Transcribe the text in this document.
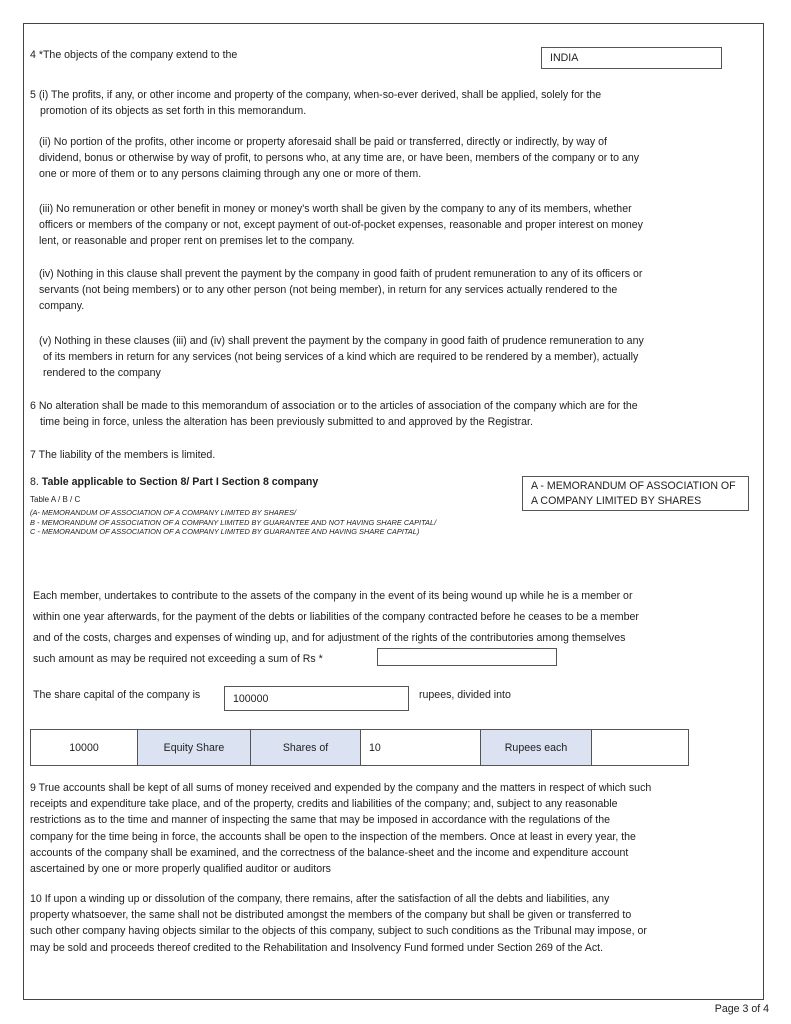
4 *The objects of the company extend to the	INDIA
5 (i) The profits, if any, or other income and property of the company, when-so-ever derived, shall be applied, solely for the
promotion of its objects as set forth in this memorandum.
(ii) No portion of the profits, other income or property aforesaid shall be paid or transferred, directly or indirectly, by way of
dividend, bonus or otherwise by way of profit, to persons who, at any time are, or have been, members of the company or to any
one or more of them or to any persons claiming through any one or more of them.
(iii) No remuneration or other benefit in money or money's worth shall be given by the company to any of its members, whether
officers or members of the company or not, except payment of out-of-pocket expenses, reasonable and proper interest on money
lent, or reasonable and proper rent on premises let to the company.
(iv) Nothing in this clause shall prevent the payment by the company in good faith of prudent remuneration to any of its officers or
servants (not being members) or to any other person (not being member), in return for any services actually rendered to the
company.
(v) Nothing in these clauses (iii) and (iv) shall prevent the payment by the company in good faith of prudence remuneration to any
of its members in return for any services (not being services of a kind which are required to be rendered by a member), actually
rendered to the company
6 No alteration shall be made to this memorandum of association or to the articles of association of the company which are for the
time being in force, unless the alteration has been previously submitted to and approved by the Registrar.
7 The liability of the members is limited.
8. Table applicable to Section 8/ Part I Section 8 company	A - MEMORANDUM OF ASSOCIATION OF
A COMPANY LIMITED BY SHARES
Table A / B / C
(A- MEMORANDUM OF ASSOCIATION OF A COMPANY LIMITED BY SHARES/
B - MEMORANDUM OF ASSOCIATION OF A COMPANY LIMITED BY GUARANTEE AND NOT HAVING SHARE CAPITAL/
C - MEMORANDUM OF ASSOCIATION OF A COMPANY LIMITED BY GUARANTEE AND HAVING SHARE CAPITAL)
Each member, undertakes to contribute to the assets of the company in the event of its being wound up while he is a member or
within one year afterwards, for the payment of the debts or liabilities of the company contracted before he ceases to be a member
and of the costs, charges and expenses of winding up, and for adjustment of the rights of the contributories among themselves
such amount as may be required not exceeding a sum of Rs *
The share capital of the company is	100000	rupees, divided into
10000	Equity Share	Shares of	10	Rupees each	
9 True accounts shall be kept of all sums of money received and expended by the company and the matters in respect of which such
receipts and expenditure take place, and of the property, credits and liabilities of the company; and, subject to any reasonable
restrictions as to the time and manner of inspecting the same that may be imposed in accordance with the regulations of the
company for the time being in force, the accounts shall be open to the inspection of the members. Once at least in every year, the
accounts of the company shall be examined, and the correctness of the balance-sheet and the income and expenditure account
ascertained by one or more properly qualified auditor or auditors
10 If upon a winding up or dissolution of the company, there remains, after the satisfaction of all the debts and liabilities, any
property whatsoever, the same shall not be distributed amongst the members of the company but shall be given or transferred to
such other company having objects similar to the objects of this company, subject to such conditions as the Tribunal may impose, or
may be sold and proceeds thereof credited to the Rehabilitation and Insolvency Fund formed under Section 269 of the Act.
Page 3 of 4
